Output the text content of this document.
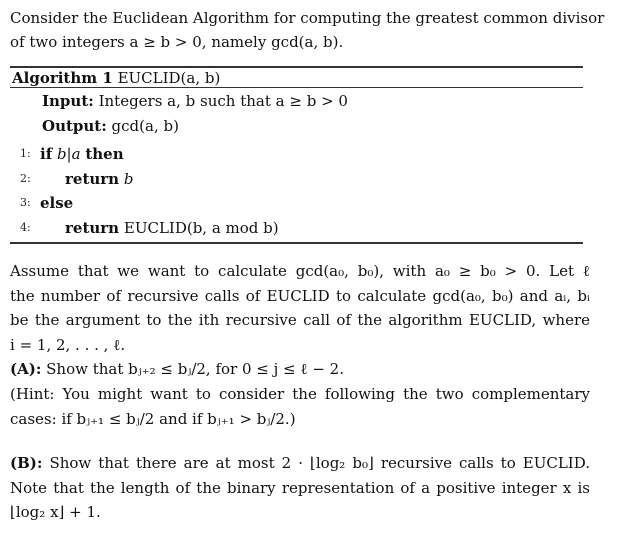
Consider the Euclidean Algorithm for computing the greatest common divisor
of two integers a ≥ b > 0, namely gcd(a, b).
Algorithm 1 EUCLID(a, b)
Input: Integers a, b such that a ≥ b > 0
Output: gcd(a, b)
1: if b|a then
2: return b
3: else
4: return EUCLID(b, a mod b)
Assume that we want to calculate gcd(a₀, b₀), with a₀ ≥ b₀ > 0. Let ℓ
the number of recursive calls of EUCLID to calculate gcd(a₀, b₀) and aᵢ, bᵢ
be the argument to the ith recursive call of the algorithm EUCLID, where
i = 1, 2, . . . , ℓ.
(A): Show that bⱼ₊₂ ≤ bⱼ/2, for 0 ≤ j ≤ ℓ − 2.
(Hint: You might want to consider the following the two complementary
cases: if bⱼ₊₁ ≤ bⱼ/2 and if bⱼ₊₁ > bⱼ/2.)
(B): Show that there are at most 2 · ⌊log₂ b₀⌋ recursive calls to EUCLID.
Note that the length of the binary representation of a positive integer x is
⌊log₂ x⌋ + 1.
